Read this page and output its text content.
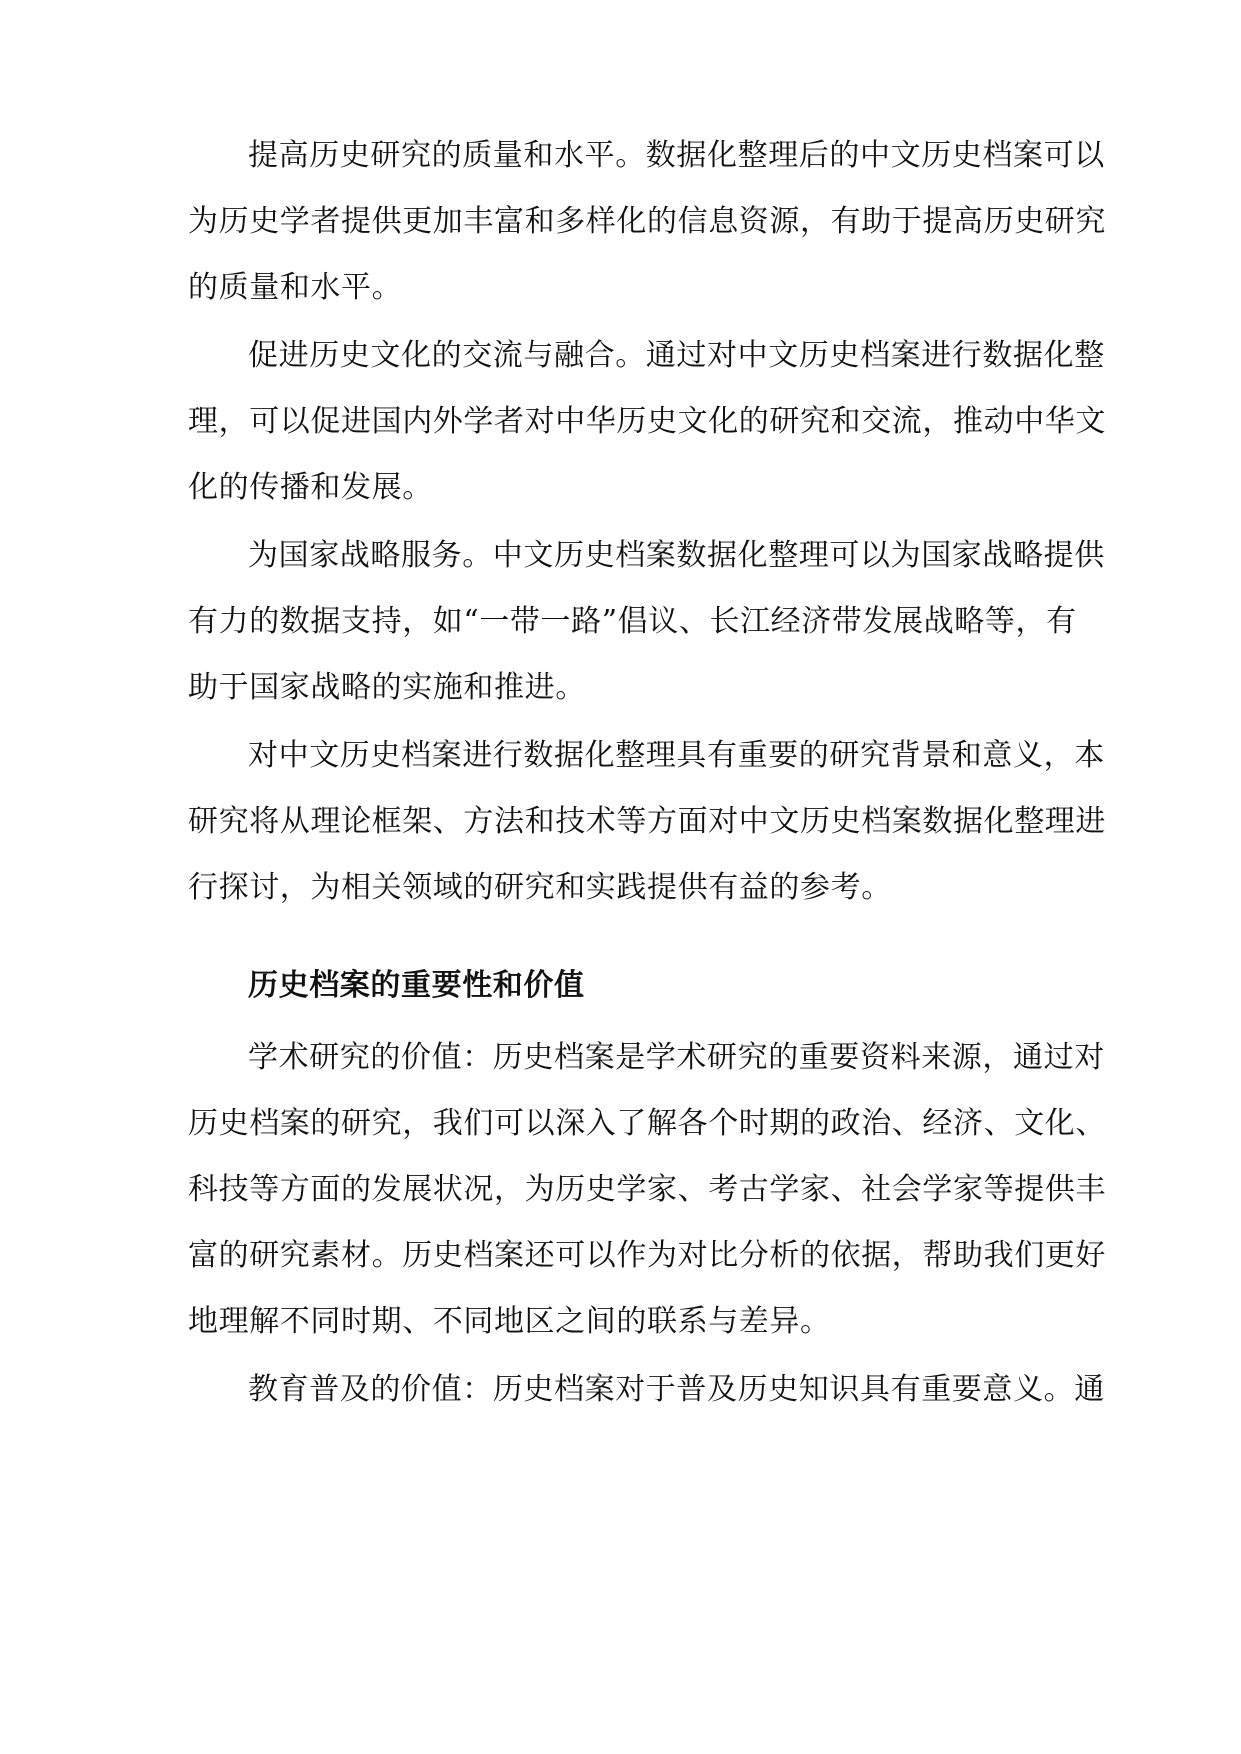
提高历史研究的质量和水平。数据化整理后的中文历史档案可以
为历史学者提供更加丰富和多样化的信息资源，有助于提高历史研究
的质量和水平。
促进历史文化的交流与融合。通过对中文历史档案进行数据化整
理，可以促进国内外学者对中华历史文化的研究和交流，推动中华文
化的传播和发展。
为国家战略服务。中文历史档案数据化整理可以为国家战略提供
有力的数据支持，如“一带一路”倡议、长江经济带发展战略等，有
助于国家战略的实施和推进。
对中文历史档案进行数据化整理具有重要的研究背景和意义，本
研究将从理论框架、方法和技术等方面对中文历史档案数据化整理进
行探讨，为相关领域的研究和实践提供有益的参考。
历史档案的重要性和价值
学术研究的价值：历史档案是学术研究的重要资料来源，通过对
历史档案的研究，我们可以深入了解各个时期的政治、经济、文化、
科技等方面的发展状况，为历史学家、考古学家、社会学家等提供丰
富的研究素材。历史档案还可以作为对比分析的依据，帮助我们更好
地理解不同时期、不同地区之间的联系与差异。
教育普及的价值：历史档案对于普及历史知识具有重要意义。通
